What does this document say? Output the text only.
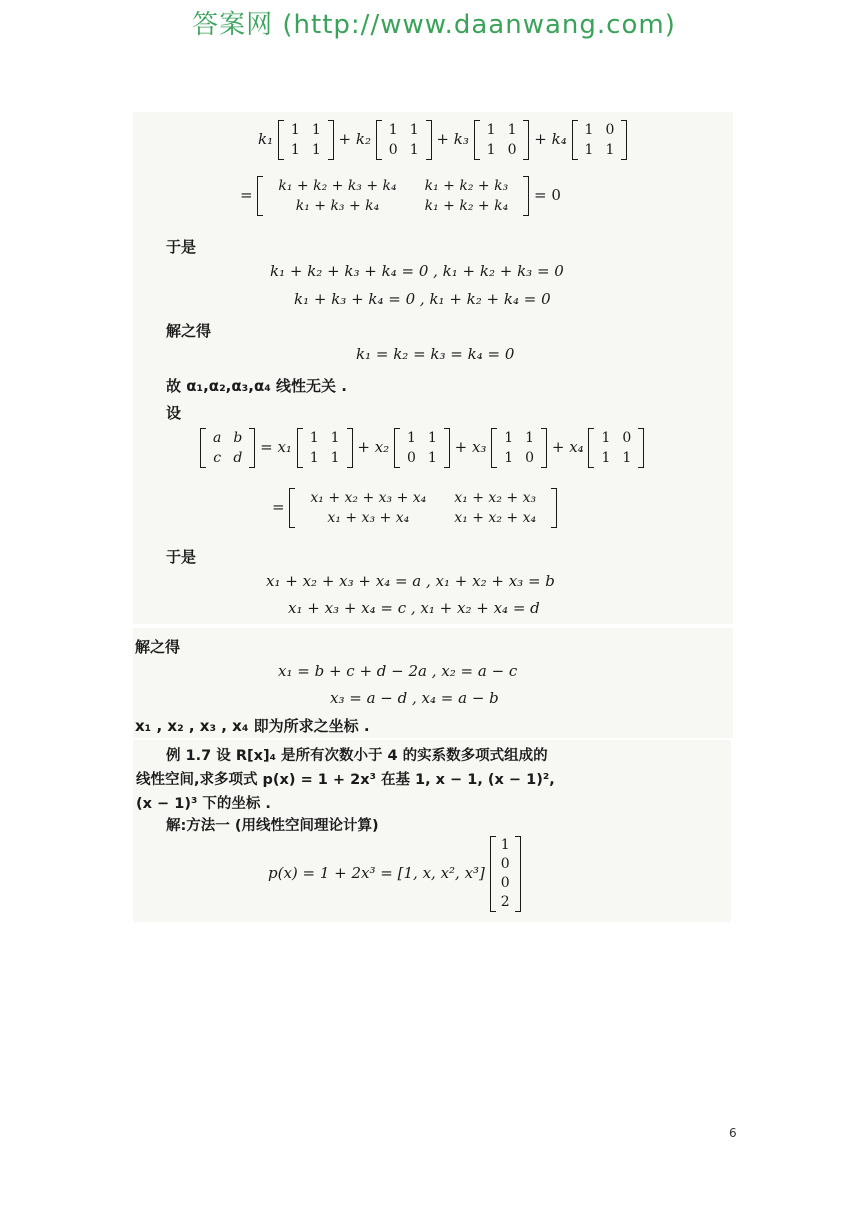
答案网 (http://www.daanwang.com)
k₁ 1	1
1	1
+ k₂ 1	1
0	1
+ k₃ 1	1
1	0
+ k₄ 1	0
1	1
= k₁ + k₂ + k₃ + k₄	k₁ + k₂ + k₃
k₁ + k₃ + k₄	k₁ + k₂ + k₄
= 0
于是
k₁ + k₂ + k₃ + k₄ = 0 , k₁ + k₂ + k₃ = 0
k₁ + k₃ + k₄ = 0 , k₁ + k₂ + k₄ = 0
解之得
k₁ = k₂ = k₃ = k₄ = 0
故 α₁,α₂,α₃,α₄ 线性无关 .
设
a	b
c	d
= x₁ 1	1
1	1
+ x₂ 1	1
0	1
+ x₃ 1	1
1	0
+ x₄ 1	0
1	1
= x₁ + x₂ + x₃ + x₄	x₁ + x₂ + x₃
x₁ + x₃ + x₄	x₁ + x₂ + x₄
于是
x₁ + x₂ + x₃ + x₄ = a , x₁ + x₂ + x₃ = b
x₁ + x₃ + x₄ = c , x₁ + x₂ + x₄ = d
解之得
x₁ = b + c + d − 2a , x₂ = a − c
x₃ = a − d , x₄ = a − b
x₁ , x₂ , x₃ , x₄ 即为所求之坐标 .
例 1.7 设 R[x]₄ 是所有次数小于 4 的实系数多项式组成的
线性空间,求多项式 p(x) = 1 + 2x³ 在基 1, x − 1, (x − 1)²,
(x − 1)³ 下的坐标 .
解:方法一 (用线性空间理论计算)
p(x) = 1 + 2x³ = [1, x, x², x³]
1
0
0
2
6
